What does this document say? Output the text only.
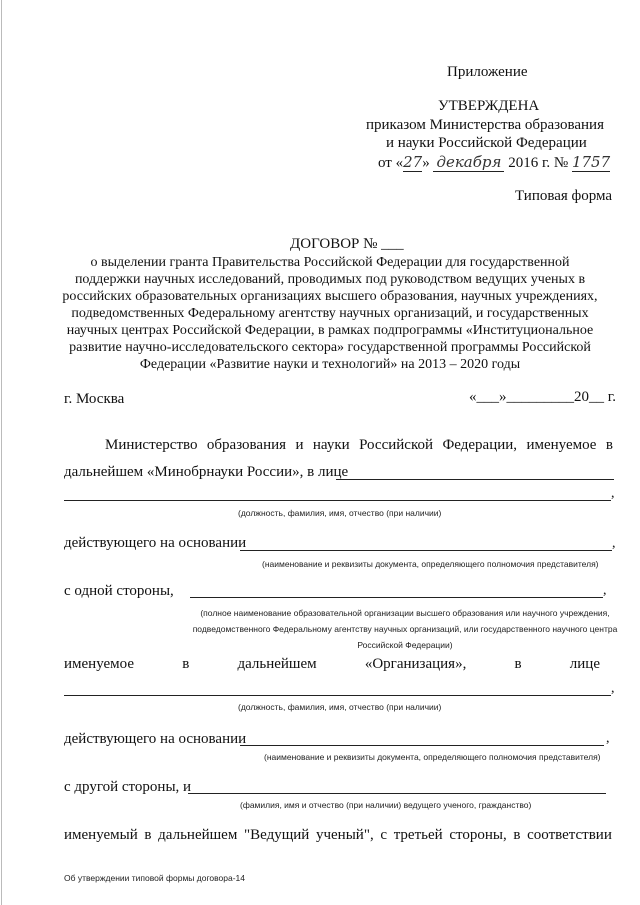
Приложение
УТВЕРЖДЕНА
приказом Министерства образования
и науки Российской Федерации
от «27» декабря 2016 г. № 1757
Типовая форма
ДОГОВОР № ___
о выделении гранта Правительства Российской Федерации для государственной
поддержки научных исследований, проводимых под руководством ведущих ученых в
российских образовательных организациях высшего образования, научных учреждениях,
подведомственных Федеральному агентству научных организаций, и государственных
научных центрах Российской Федерации, в рамках подпрограммы «Институциональное
развитие научно-исследовательского сектора» государственной программы Российской
Федерации «Развитие науки и технологий» на 2013 – 2020 годы
г. Москва	«___»_________20__ г.
Министерство образования и науки Российской Федерации, именуемое в
дальнейшем «Минобрнауки России», в лице
,
(должность, фамилия, имя, отчество (при наличии)
действующего на основании	,
(наименование и реквизиты документа, определяющего полномочия представителя)
с одной стороны,	,
(полное наименование образовательной организации высшего образования или научного учреждения,
подведомственного Федеральному агентству научных организаций, или государственного научного центра
Российской Федерации)
именуемое	в	дальнейшем	«Организация»,	в	лице
,
(должность, фамилия, имя, отчество (при наличии)
действующего на основании	,
(наименование и реквизиты документа, определяющего полномочия представителя)
с другой стороны, и
(фамилия, имя и отчество (при наличии) ведущего ученого, гражданство)
именуемый в дальнейшем "Ведущий ученый", с третьей стороны, в соответствии
Об утверждении типовой формы договора-14
